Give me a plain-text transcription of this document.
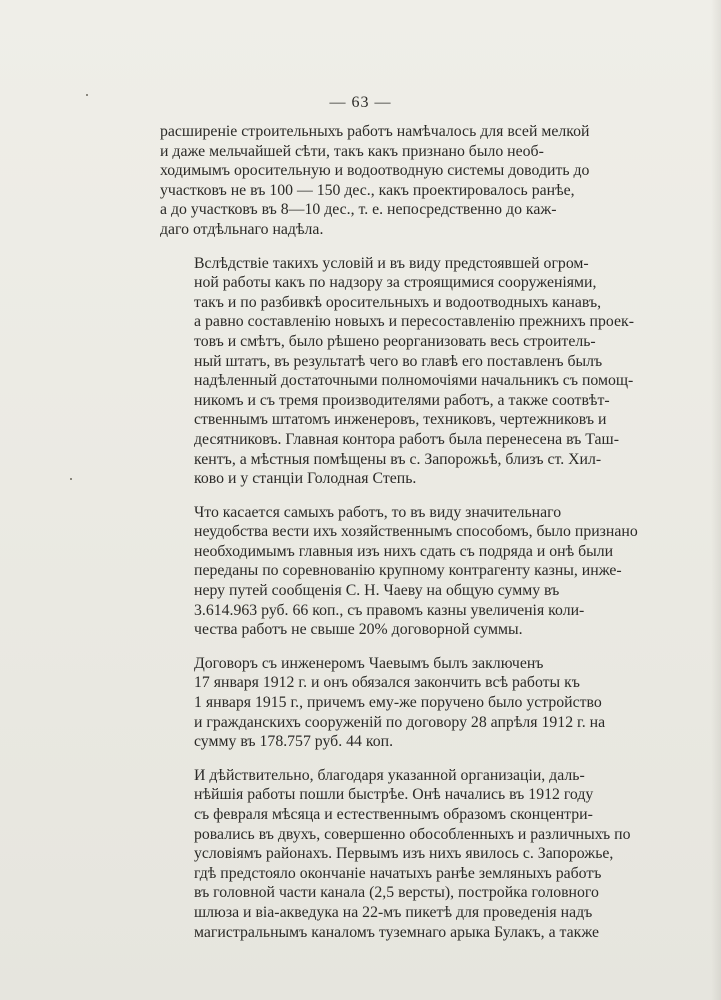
— 63 —

расширеніе строительныхъ работъ намѣчалось для всей мелкой
и даже мельчайшей сѣти, такъ какъ признано было необ-
ходимымъ оросительную и водоотводную системы доводить до
участковъ не въ 100 — 150 дес., какъ проектировалось ранѣе,
а до участковъ въ 8—10 дес., т. е. непосредственно до каж-
даго отдѣльнаго надѣла.

Вслѣдствіе такихъ условій и въ виду предстоявшей огром-
ной работы какъ по надзору за строящимися сооруженіями,
такъ и по разбивкѣ оросительныхъ и водоотводныхъ канавъ,
а равно составленію новыхъ и пересоставленію прежнихъ проек-
товъ и смѣтъ, было рѣшено реорганизовать весь строитель-
ный штатъ, въ результатѣ чего во главѣ его поставленъ былъ
надѣленный достаточными полномочіями начальникъ съ помощ-
никомъ и съ тремя производителями работъ, а также соотвѣт-
ственнымъ штатомъ инженеровъ, техниковъ, чертежниковъ и
десятниковъ. Главная контора работъ была перенесена въ Таш-
кентъ, а мѣстныя помѣщены въ с. Запорожьѣ, близъ ст. Хил-
ково и у станціи Голодная Степь.

Что касается самыхъ работъ, то въ виду значительнаго
неудобства вести ихъ хозяйственнымъ способомъ, было признано
необходимымъ главныя изъ нихъ сдать съ подряда и онѣ были
переданы по соревнованію крупному контрагенту казны, инже-
неру путей сообщенія С. Н. Чаеву на общую сумму въ
3.614.963 руб. 66 коп., съ правомъ казны увеличенія коли-
чества работъ не свыше 20% договорной суммы.

Договоръ съ инженеромъ Чаевымъ былъ заключенъ
17 января 1912 г. и онъ обязался закончить всѣ работы къ
1 января 1915 г., причемъ ему-же поручено было устройство
и гражданскихъ сооруженій по договору 28 апрѣля 1912 г. на
сумму въ 178.757 руб. 44 коп.

И дѣйствительно, благодаря указанной организаціи, даль-
нѣйшія работы пошли быстрѣе. Онѣ начались въ 1912 году
съ февраля мѣсяца и естественнымъ образомъ сконцентри-
ровались въ двухъ, совершенно обособленныхъ и различныхъ по
условіямъ районахъ. Первымъ изъ нихъ явилось с. Запорожье,
гдѣ предстояло окончаніе начатыхъ ранѣе земляныхъ работъ
въ головной части канала (2,5 версты), постройка головного
шлюза и віа-акведука на 22-мъ пикетѣ для проведенія надъ
магистральнымъ каналомъ туземнаго арыка Булакъ, а также
